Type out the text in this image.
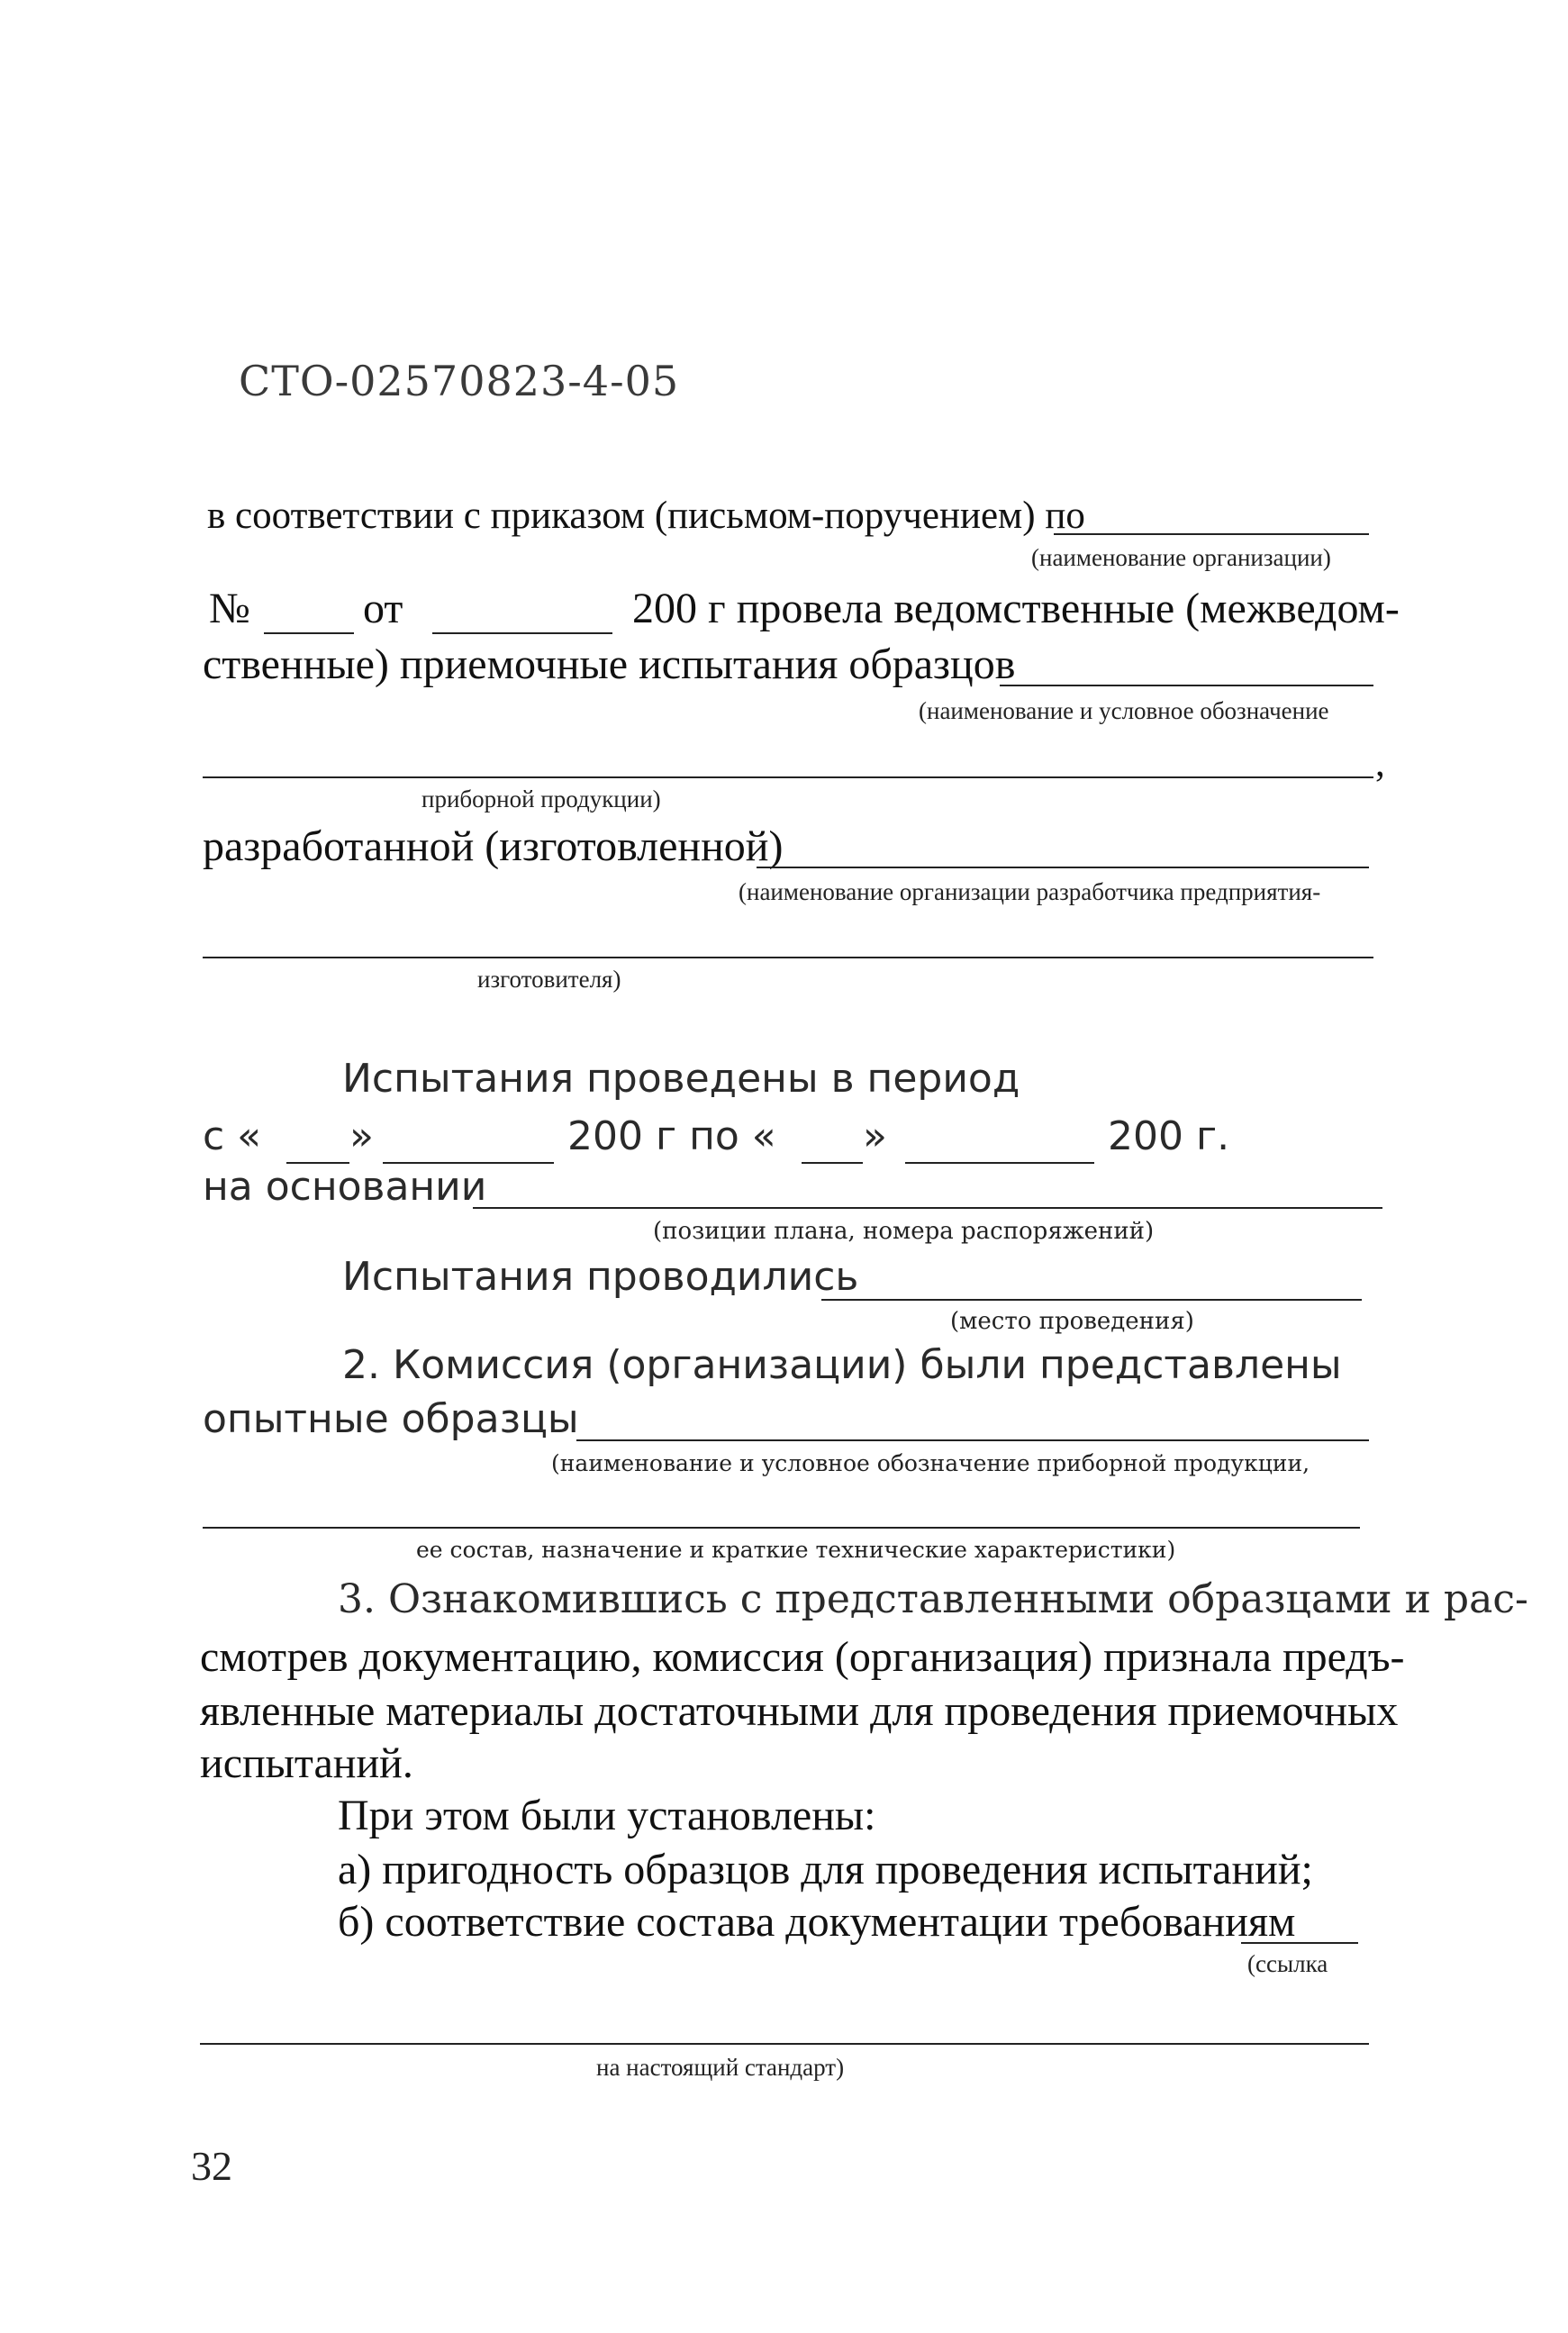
СТО-02570823-4-05
в соответствии с приказом (письмом-поручением) по
(наименование организации)
№	от	200 г провела ведомственные (межведом-
ственные) приемочные испытания образцов
(наименование и условное обозначение
,
приборной продукции)
разработанной (изготовленной)
(наименование организации разработчика предприятия-
изготовителя)
Испытания проведены в период
с « »	200 г по « »	200 г.
на основании
(позиции плана, номера распоряжений)
Испытания проводились
(место проведения)
2. Комиссия (организации) были представлены
опытные образцы
(наименование и условное обозначение приборной продукции,
ее состав, назначение и краткие технические характеристики)
3. Ознакомившись с представленными образцами и рас-
смотрев документацию, комиссия (организация) признала предъ-
явленные материалы достаточными для проведения приемочных
испытаний.
При этом были установлены:
а) пригодность образцов для проведения испытаний;
б) соответствие состава документации требованиям
(ссылка
на настоящий стандарт)
32
